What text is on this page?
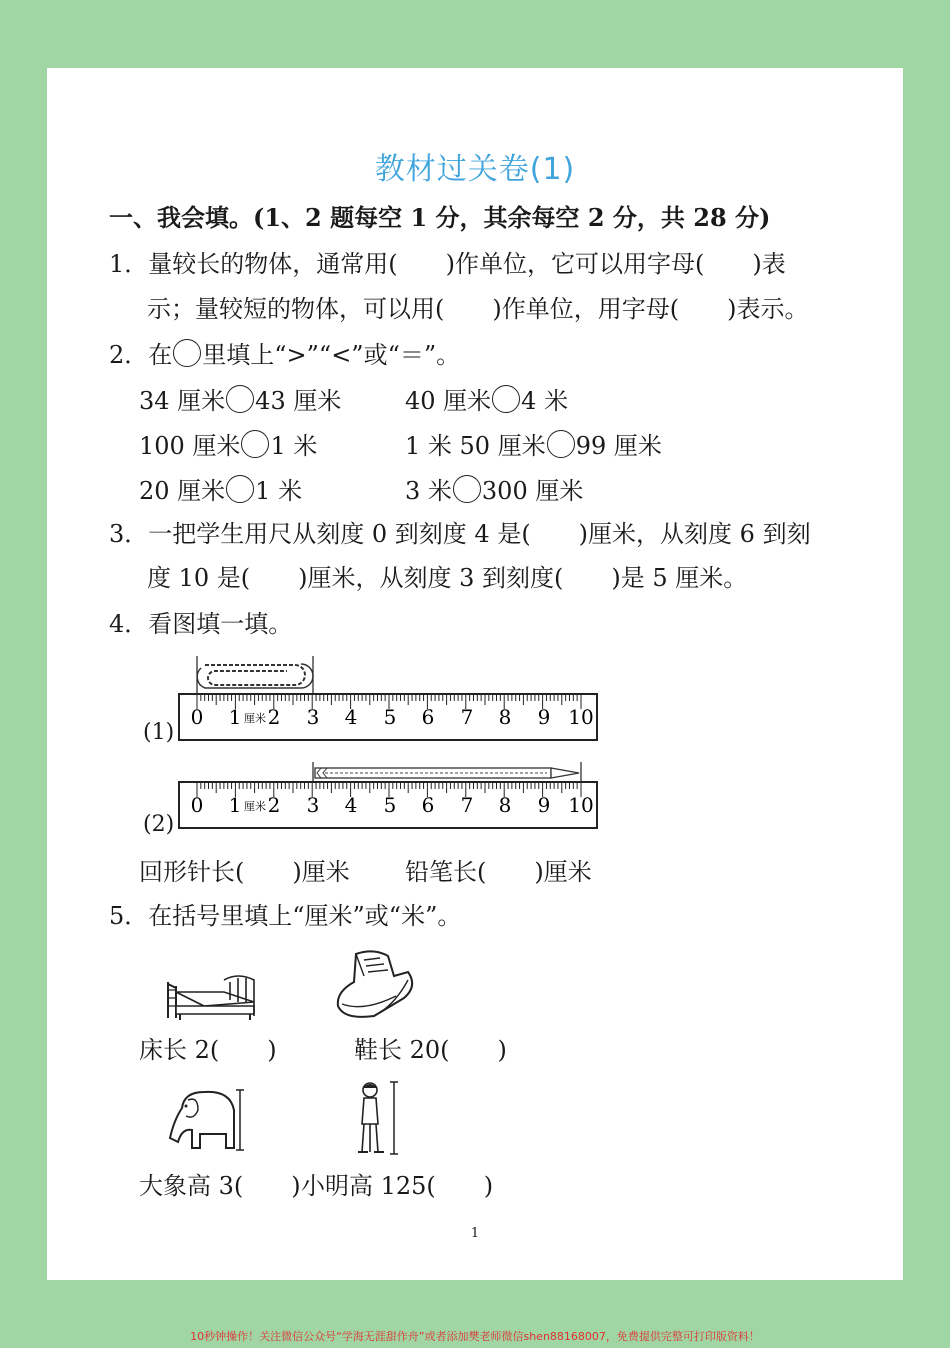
教材过关卷(1)
一、我会填。(1、2 题每空 1 分，其余每空 2 分，共 28 分)
1．量较长的物体，通常用(　　)作单位，它可以用字母(　　)表
示；量较短的物体，可以用(　　)作单位，用字母(　　)表示。
2．在 里填上“>”“<”或“＝”。
34 厘米 43 厘米	40 厘米 4 米
100 厘米 1 米	1 米 50 厘米 99 厘米
20 厘米 1 米	3 米 300 厘米
3．一把学生用尺从刻度 0 到刻度 4 是(　　)厘米，从刻度 6 到刻
度 10 是(　　)厘米，从刻度 3 到刻度(　　)是 5 厘米。
4．看图填一填。
(1)
(2)
0 1 2 3 4 5 6 7 8 9 10
厘米
0 1 2 3 4 5 6 7 8 9 10
厘米
回形针长(　　)厘米 铅笔长(　　)厘米
5．在括号里填上“厘米”或“米”。
床长 2(　　)	鞋长 20(　　)
大象高 3(　　) 小明高 125(　　)
1
10秒钟操作！关注微信公众号“学海无涯甜作舟”或者添加樊老师微信shen88168007，免费提供完整可打印版资料！
